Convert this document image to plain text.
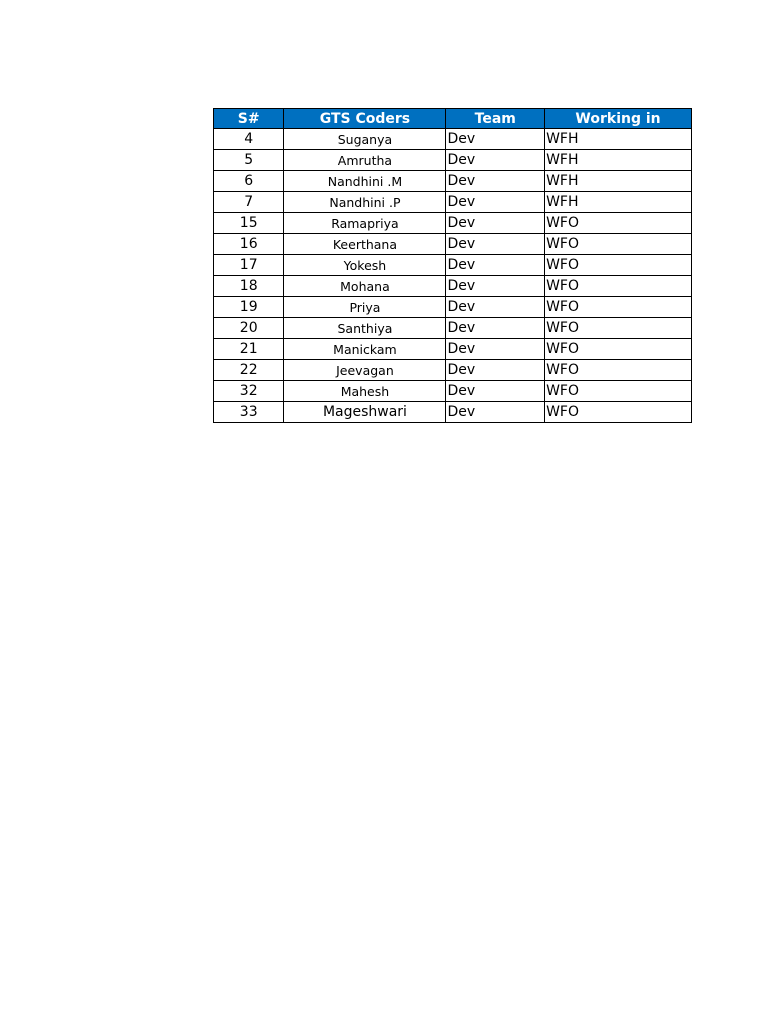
S#	GTS Coders	Team	Working in
4	Suganya	Dev	WFH
5	Amrutha	Dev	WFH
6	Nandhini .M	Dev	WFH
7	Nandhini .P	Dev	WFH
15	Ramapriya	Dev	WFO
16	Keerthana	Dev	WFO
17	Yokesh	Dev	WFO
18	Mohana	Dev	WFO
19	Priya	Dev	WFO
20	Santhiya	Dev	WFO
21	Manickam	Dev	WFO
22	Jeevagan	Dev	WFO
32	Mahesh	Dev	WFO
33	Mageshwari	Dev	WFO
